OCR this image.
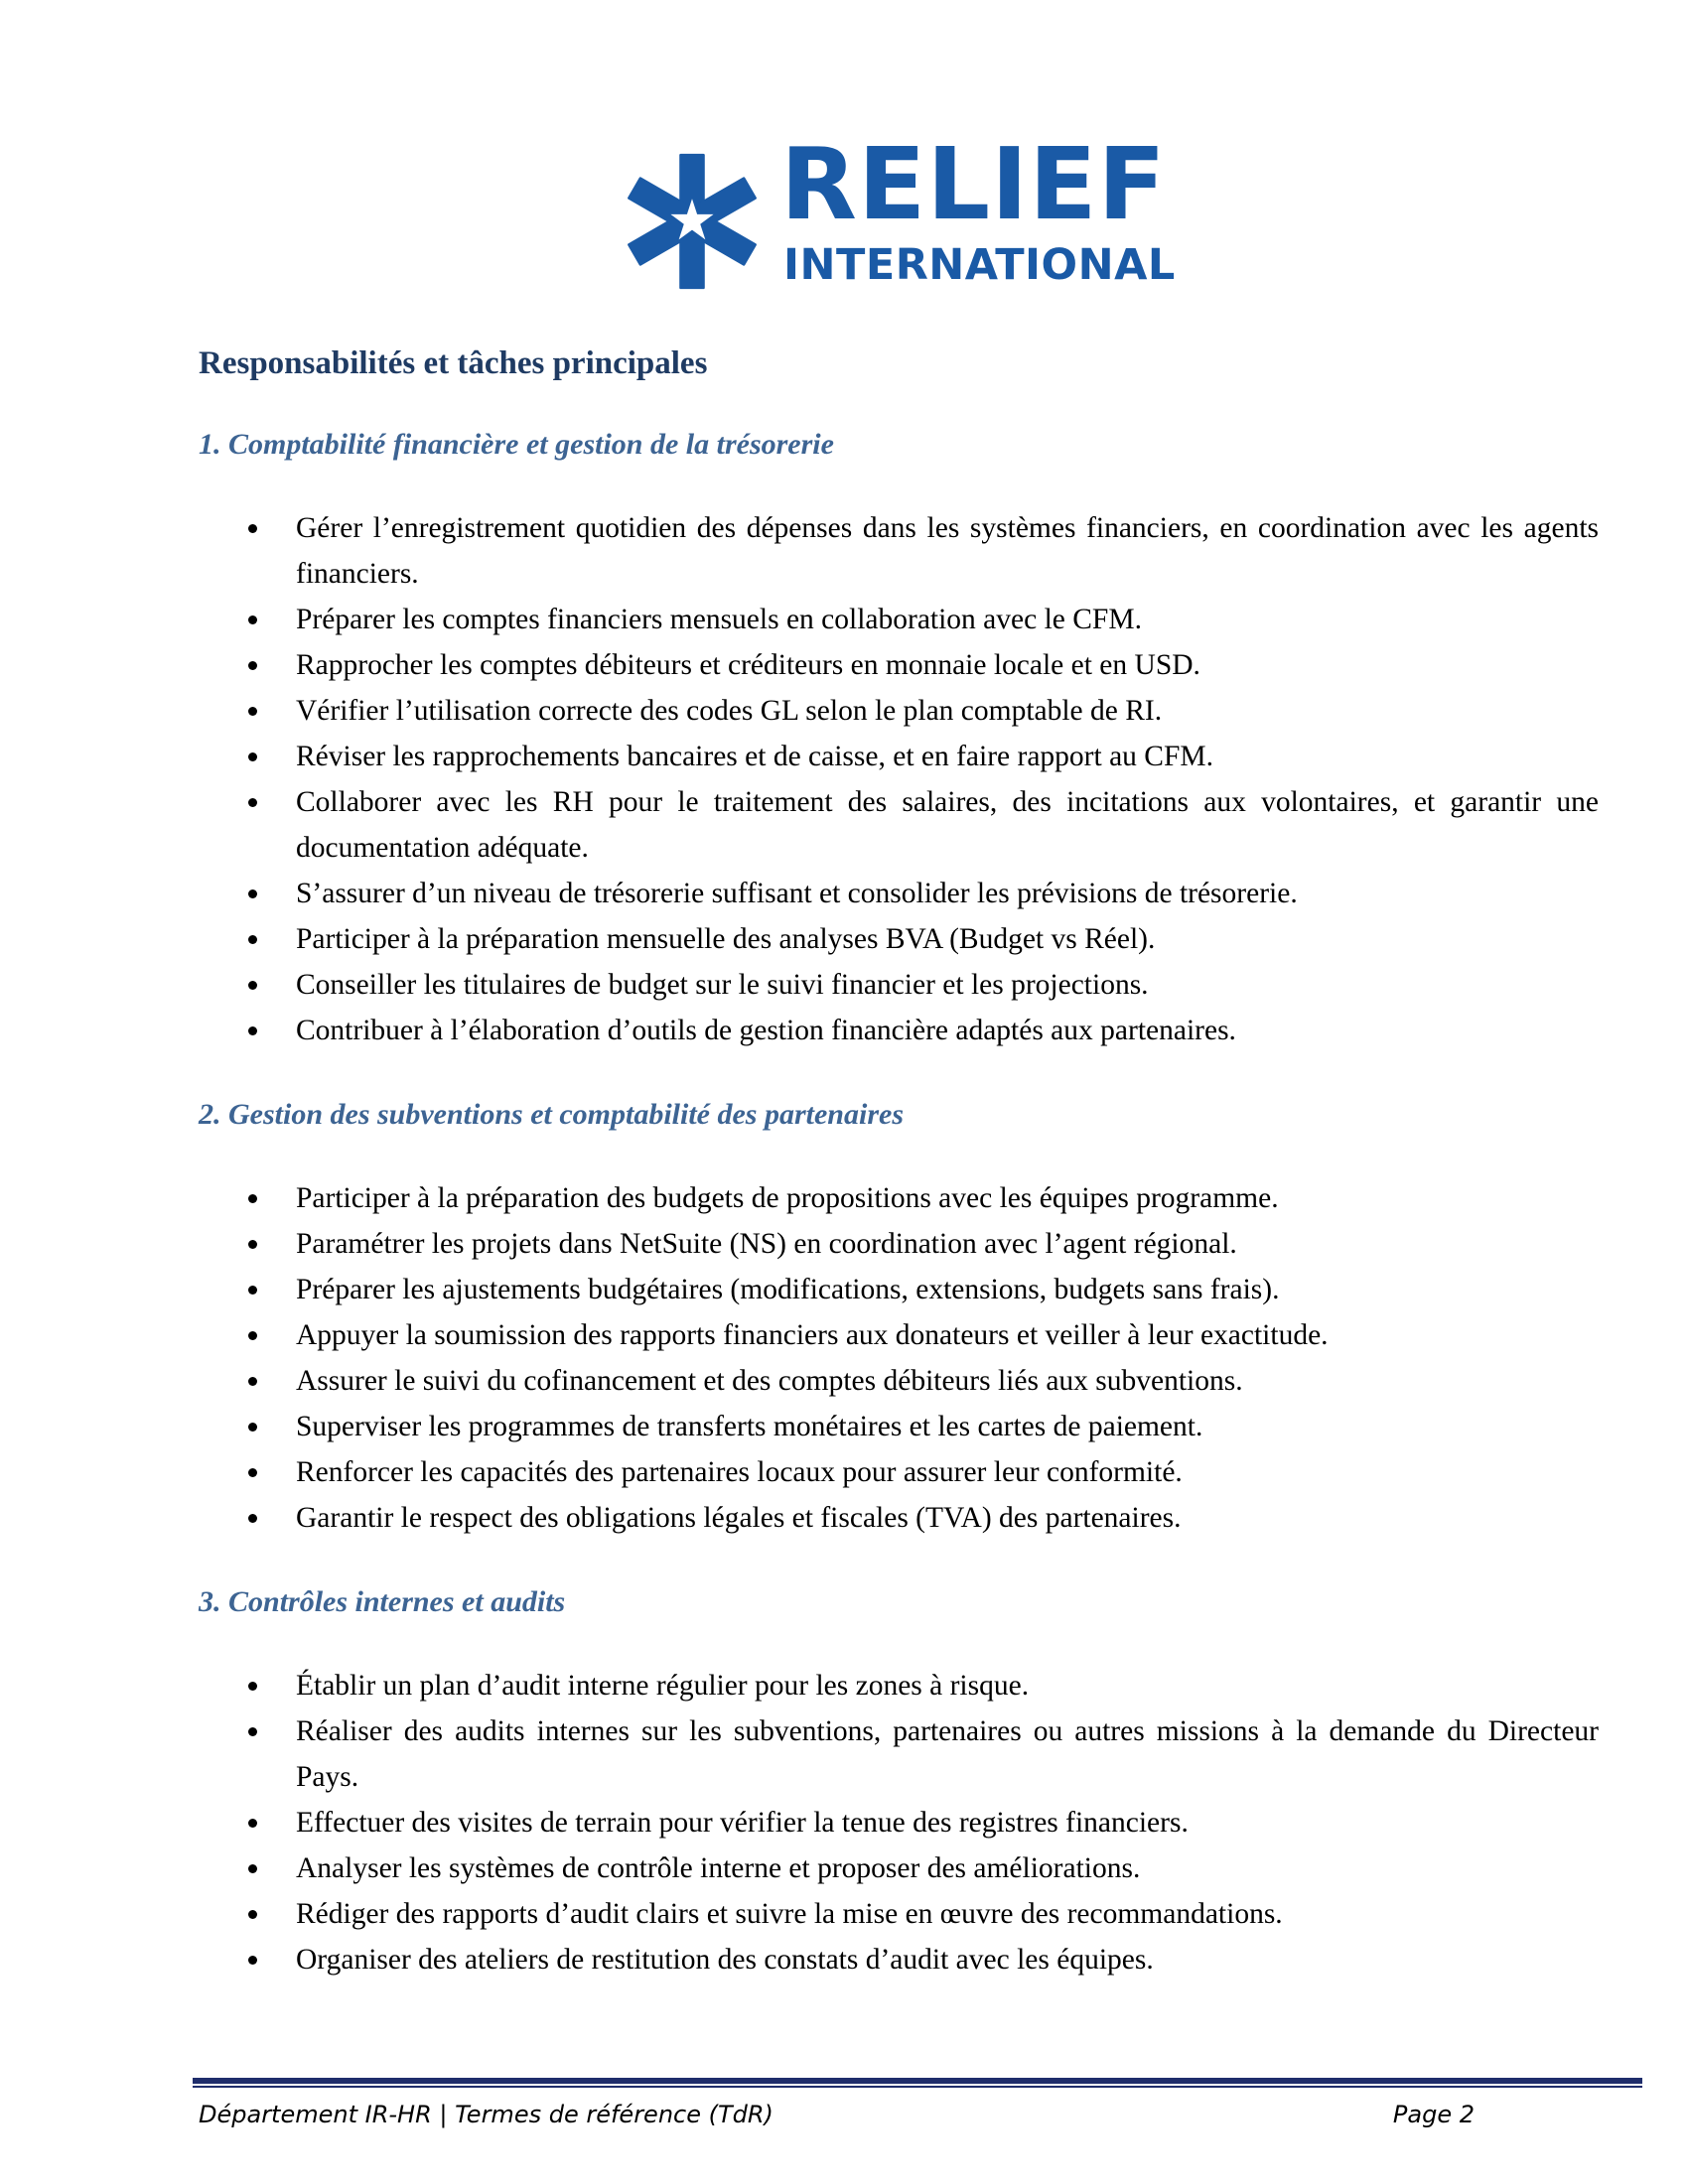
RELIEF
INTERNATIONAL
Responsabilités et tâches principales
1. Comptabilité financière et gestion de la trésorerie
Gérer l’enregistrement quotidien des dépenses dans les systèmes financiers, en coordination avec les agents financiers.
Préparer les comptes financiers mensuels en collaboration avec le CFM.
Rapprocher les comptes débiteurs et créditeurs en monnaie locale et en USD.
Vérifier l’utilisation correcte des codes GL selon le plan comptable de RI.
Réviser les rapprochements bancaires et de caisse, et en faire rapport au CFM.
Collaborer avec les RH pour le traitement des salaires, des incitations aux volontaires, et garantir une documentation adéquate.
S’assurer d’un niveau de trésorerie suffisant et consolider les prévisions de trésorerie.
Participer à la préparation mensuelle des analyses BVA (Budget vs Réel).
Conseiller les titulaires de budget sur le suivi financier et les projections.
Contribuer à l’élaboration d’outils de gestion financière adaptés aux partenaires.
2. Gestion des subventions et comptabilité des partenaires
Participer à la préparation des budgets de propositions avec les équipes programme.
Paramétrer les projets dans NetSuite (NS) en coordination avec l’agent régional.
Préparer les ajustements budgétaires (modifications, extensions, budgets sans frais).
Appuyer la soumission des rapports financiers aux donateurs et veiller à leur exactitude.
Assurer le suivi du cofinancement et des comptes débiteurs liés aux subventions.
Superviser les programmes de transferts monétaires et les cartes de paiement.
Renforcer les capacités des partenaires locaux pour assurer leur conformité.
Garantir le respect des obligations légales et fiscales (TVA) des partenaires.
3. Contrôles internes et audits
Établir un plan d’audit interne régulier pour les zones à risque.
Réaliser des audits internes sur les subventions, partenaires ou autres missions à la demande du Directeur Pays.
Effectuer des visites de terrain pour vérifier la tenue des registres financiers.
Analyser les systèmes de contrôle interne et proposer des améliorations.
Rédiger des rapports d’audit clairs et suivre la mise en œuvre des recommandations.
Organiser des ateliers de restitution des constats d’audit avec les équipes.
Département IR-HR | Termes de référence (TdR)	Page 2
